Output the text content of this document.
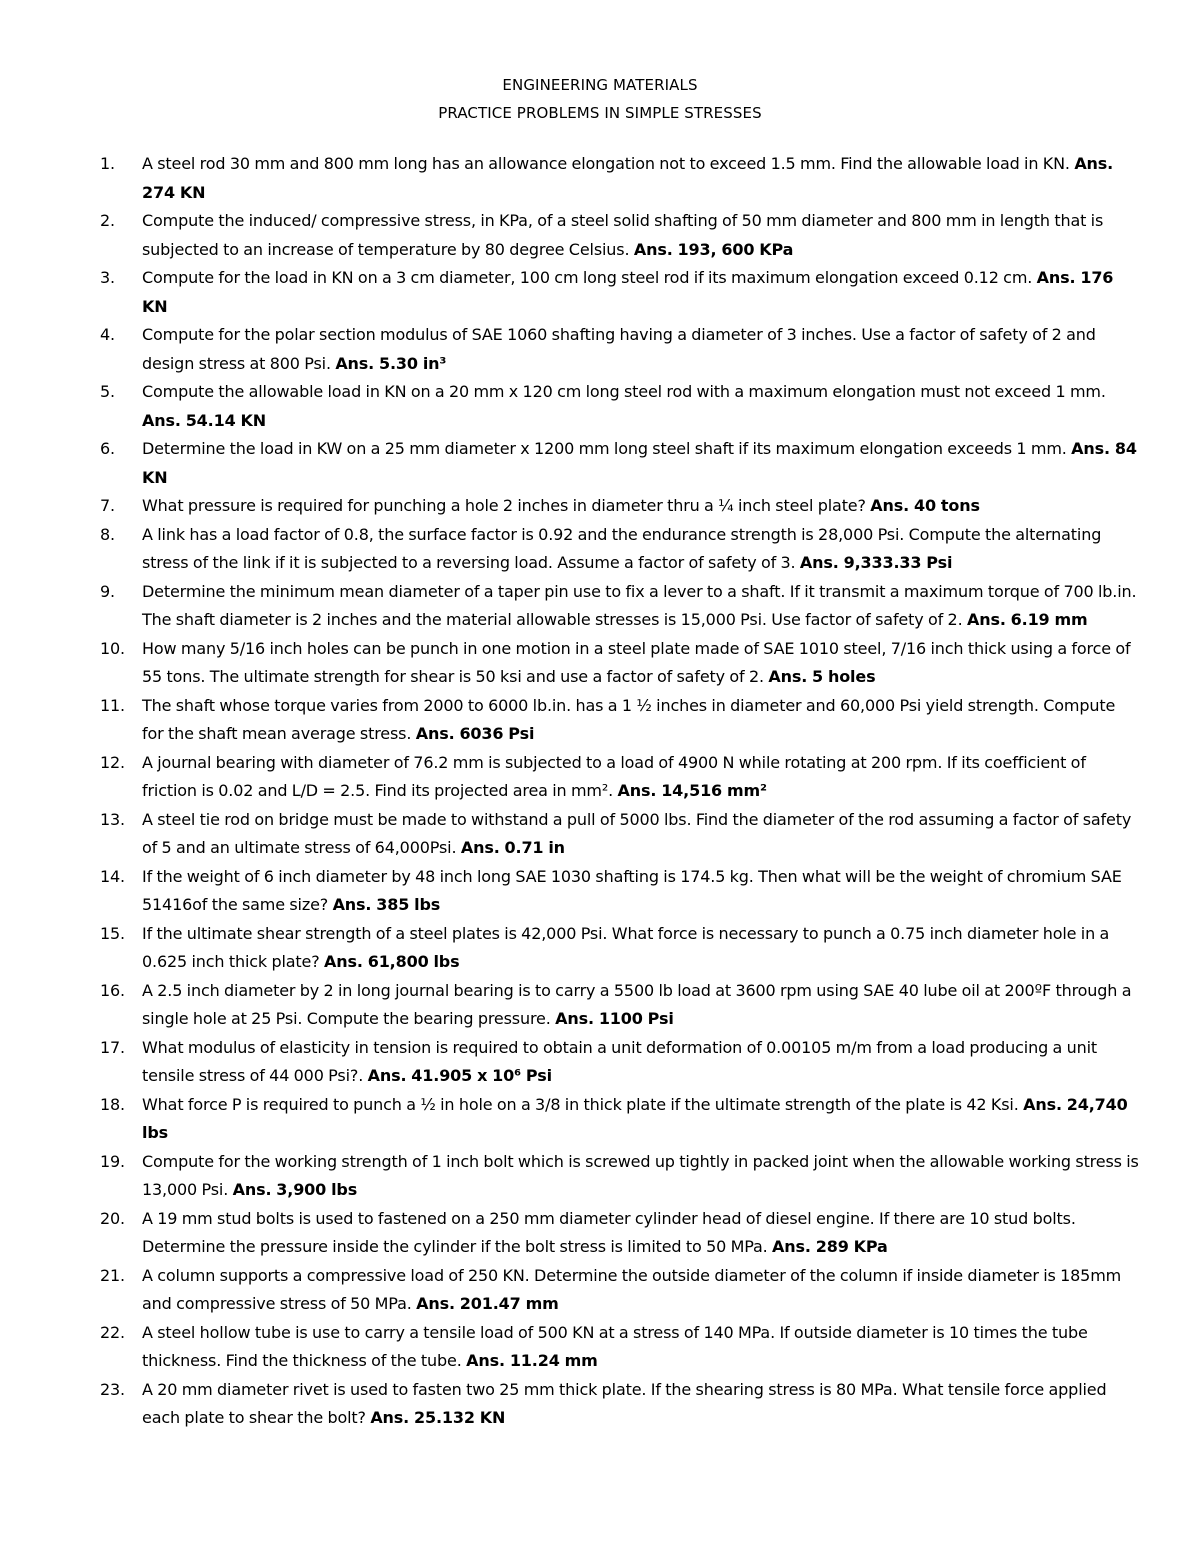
ENGINEERING MATERIALS
PRACTICE PROBLEMS IN SIMPLE STRESSES
1.	A steel rod 30 mm and 800 mm long has an allowance elongation not to exceed 1.5 mm. Find the allowable load in KN. Ans. 274 KN
2.	Compute the induced/ compressive stress, in KPa, of a steel solid shafting of 50 mm diameter and 800 mm in length that is subjected to an increase of temperature by 80 degree Celsius. Ans. 193, 600 KPa
3.	Compute for the load in KN on a 3 cm diameter, 100 cm long steel rod if its maximum elongation exceed 0.12 cm. Ans. 176 KN
4.	Compute for the polar section modulus of SAE 1060 shafting having a diameter of 3 inches. Use a factor of safety of 2 and design stress at 800 Psi. Ans. 5.30 in³
5.	Compute the allowable load in KN on a 20 mm x 120 cm long steel rod with a maximum elongation must not exceed 1 mm. Ans. 54.14 KN
6.	Determine the load in KW on a 25 mm diameter x 1200 mm long steel shaft if its maximum elongation exceeds 1 mm. Ans. 84 KN
7.	What pressure is required for punching a hole 2 inches in diameter thru a ¼ inch steel plate? Ans. 40 tons
8.	A link has a load factor of 0.8, the surface factor is 0.92 and the endurance strength is 28,000 Psi. Compute the alternating stress of the link if it is subjected to a reversing load. Assume a factor of safety of 3. Ans. 9,333.33 Psi
9.	Determine the minimum mean diameter of a taper pin use to fix a lever to a shaft. If it transmit a maximum torque of 700 lb.in. The shaft diameter is 2 inches and the material allowable stresses is 15,000 Psi. Use factor of safety of 2. Ans. 6.19 mm
10.	How many 5/16 inch holes can be punch in one motion in a steel plate made of SAE 1010 steel, 7/16 inch thick using a force of 55 tons. The ultimate strength for shear is 50 ksi and use a factor of safety of 2. Ans. 5 holes
11.	The shaft whose torque varies from 2000 to 6000 lb.in. has a 1 ½ inches in diameter and 60,000 Psi yield strength. Compute for the shaft mean average stress. Ans. 6036 Psi
12.	A journal bearing with diameter of 76.2 mm is subjected to a load of 4900 N while rotating at 200 rpm. If its coefficient of friction is 0.02 and L/D = 2.5. Find its projected area in mm². Ans. 14,516 mm²
13.	A steel tie rod on bridge must be made to withstand a pull of 5000 lbs. Find the diameter of the rod assuming a factor of safety of 5 and an ultimate stress of 64,000Psi. Ans. 0.71 in
14.	If the weight of 6 inch diameter by 48 inch long SAE 1030 shafting is 174.5 kg. Then what will be the weight of chromium SAE 51416of the same size? Ans. 385 lbs
15.	If the ultimate shear strength of a steel plates is 42,000 Psi. What force is necessary to punch a 0.75 inch diameter hole in a 0.625 inch thick plate? Ans. 61,800 lbs
16.	A 2.5 inch diameter by 2 in long journal bearing is to carry a 5500 lb load at 3600 rpm using SAE 40 lube oil at 200ºF through a single hole at 25 Psi. Compute the bearing pressure. Ans. 1100 Psi
17.	What modulus of elasticity in tension is required to obtain a unit deformation of 0.00105 m/m from a load producing a unit tensile stress of 44 000 Psi?. Ans. 41.905 x 10⁶ Psi
18.	What force P is required to punch a ½ in hole on a 3/8 in thick plate if the ultimate strength of the plate is 42 Ksi. Ans. 24,740 lbs
19.	Compute for the working strength of 1 inch bolt which is screwed up tightly in packed joint when the allowable working stress is 13,000 Psi. Ans. 3,900 lbs
20.	A 19 mm stud bolts is used to fastened on a 250 mm diameter cylinder head of diesel engine. If there are 10 stud bolts. Determine the pressure inside the cylinder if the bolt stress is limited to 50 MPa. Ans. 289 KPa
21.	A column supports a compressive load of 250 KN. Determine the outside diameter of the column if inside diameter is 185mm and compressive stress of 50 MPa. Ans. 201.47 mm
22.	A steel hollow tube is use to carry a tensile load of 500 KN at a stress of 140 MPa. If outside diameter is 10 times the tube thickness. Find the thickness of the tube. Ans. 11.24 mm
23.	A 20 mm diameter rivet is used to fasten two 25 mm thick plate. If the shearing stress is 80 MPa. What tensile force applied each plate to shear the bolt? Ans. 25.132 KN
